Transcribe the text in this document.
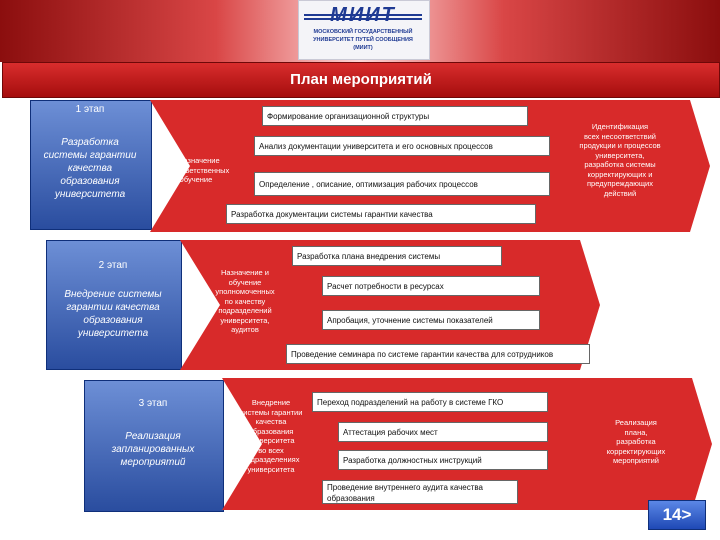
МОСКОВСКИЙ ГОСУДАРСТВЕННЫЙ
УНИВЕРСИТЕТ ПУТЕЙ СООБЩЕНИЯ
(МИИТ)
План мероприятий
1 этап
Разработка
системы гарантии
качества
образования
университета
Назначение
ответственных
Обучение
Идентификация
всех несоответствий
продукции и процессов
университета,
разработка системы
корректирующих и
предупреждающих
действий
Формирование организационной структуры
Анализ документации университета и его основных процессов
Определение , описание, оптимизация рабочих процессов
Разработка документации системы гарантии качества
2 этап
Внедрение системы
гарантии качества
образования
университета
Назначение и
обучение
уполномоченных
по качеству
подразделений
университета,
аудитов
Разработка плана внедрения системы
Расчет потребности в ресурсах
Апробация, уточнение системы показателей
Проведение семинара по системе гарантии качества для сотрудников
3 этап
Реализация
запланированных
мероприятий
Внедрение
системы гарантии
качества
образования
университета
во всех
подразделениях
университета
Реализация
плана,
разработка
корректирующих
мероприятий
Переход подразделений на работу в системе ГКО
Аттестация рабочих мест
Разработка должностных инструкций
Проведение внутреннего аудита качества
образования
14>
